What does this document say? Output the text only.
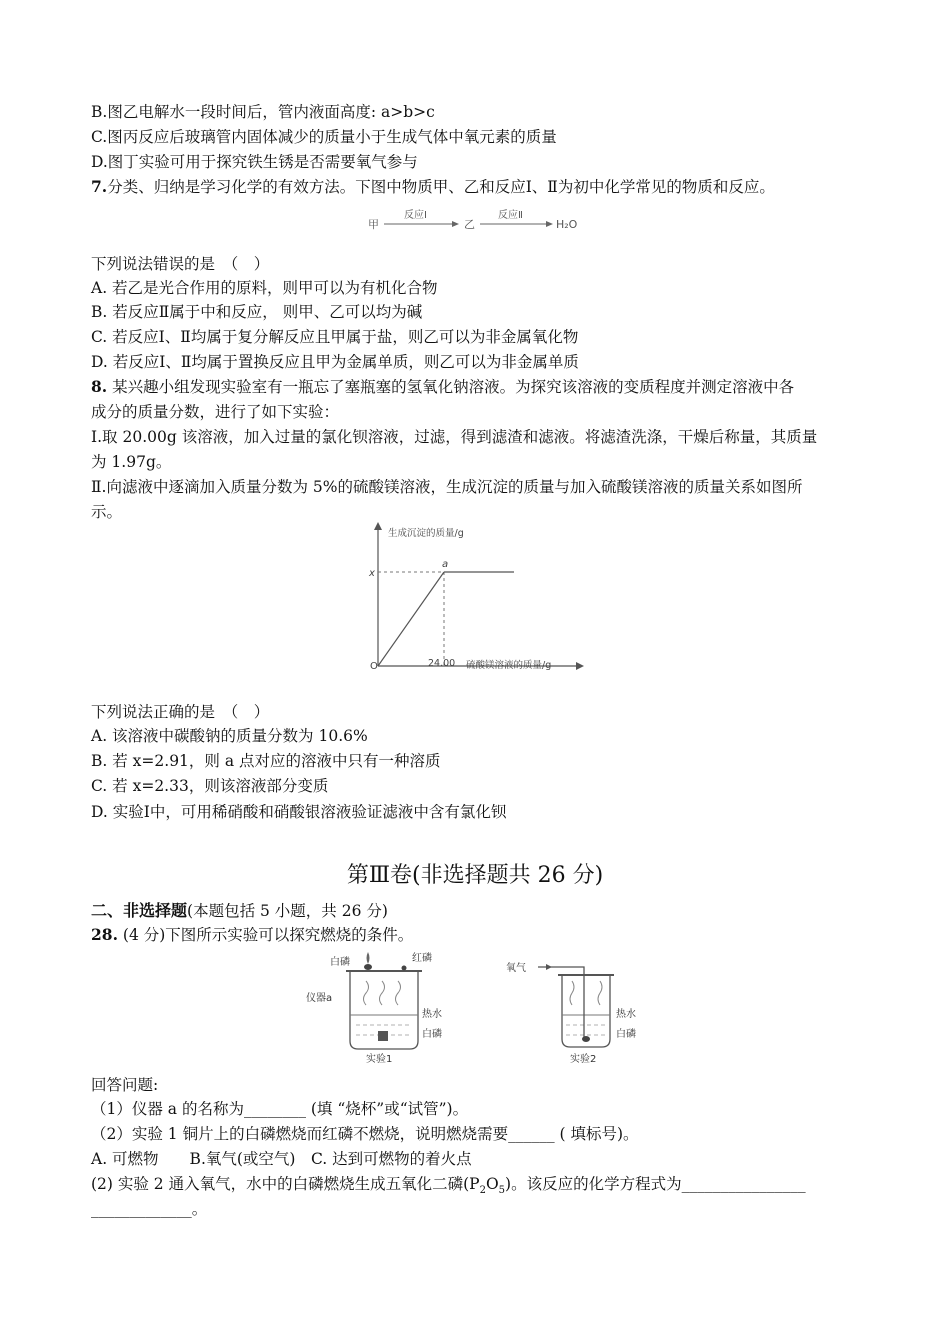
B.图乙电解水一段时间后，管内液面高度: a>b>c
C.图丙反应后玻璃管内固体减少的质量小于生成气体中氧元素的质量
D.图丁实验可用于探究铁生锈是否需要氧气参与
7.分类、归纳是学习化学的有效方法。下图中物质甲、乙和反应Ⅰ、Ⅱ为初中化学常见的物质和反应。
甲
反应Ⅰ
乙
反应Ⅱ
H₂O
下列说法错误的是　（　）
A. 若乙是光合作用的原料，则甲可以为有机化合物
B. 若反应Ⅱ属于中和反应， 则甲、乙可以均为碱
C. 若反应Ⅰ、Ⅱ均属于复分解反应且甲属于盐，则乙可以为非金属氧化物
D. 若反应Ⅰ、Ⅱ均属于置换反应且甲为金属单质，则乙可以为非金属单质
8. 某兴趣小组发现实验室有一瓶忘了塞瓶塞的氢氧化钠溶液。为探究该溶液的变质程度并测定溶液中各
成分的质量分数，进行了如下实验：
Ⅰ.取 20.00g 该溶液，加入过量的氯化钡溶液，过滤，得到滤渣和滤液。将滤渣洗涤，干燥后称量，其质量
为 1.97g。
Ⅱ.向滤液中逐滴加入质量分数为 5%的硫酸镁溶液，生成沉淀的质量与加入硫酸镁溶液的质量关系如图所
示。
生成沉淀的质量/g
硫酸镁溶液的质量/g
O
x
a
24.00
下列说法正确的是　（　）
A. 该溶液中碳酸钠的质量分数为 10.6%
B. 若 x=2.91，则 a 点对应的溶液中只有一种溶质
C. 若 x=2.33，则该溶液部分变质
D. 实验Ⅰ中，可用稀硝酸和硝酸银溶液验证滤液中含有氯化钡
第Ⅲ卷(非选择题共 26 分)
二、非选择题(本题包括 5 小题，共 26 分)
28. (4 分)下图所示实验可以探究燃烧的条件。
白磷	红磷
仪器a
热水
白磷
实验1
氧气
热水
白磷
实验2
回答问题:
（1）仪器 a 的名称为________ (填 “烧杯”或“试管”)。
（2）实验 1 铜片上的白磷燃烧而红磷不燃烧，说明燃烧需要______ ( 填标号)。
A. 可燃物　　B.氧气(或空气)　C. 达到可燃物的着火点
(2) 实验 2 通入氧气，水中的白磷燃烧生成五氧化二磷$(P_2O_5)$。该反应的化学方程式为________________
_____________。
